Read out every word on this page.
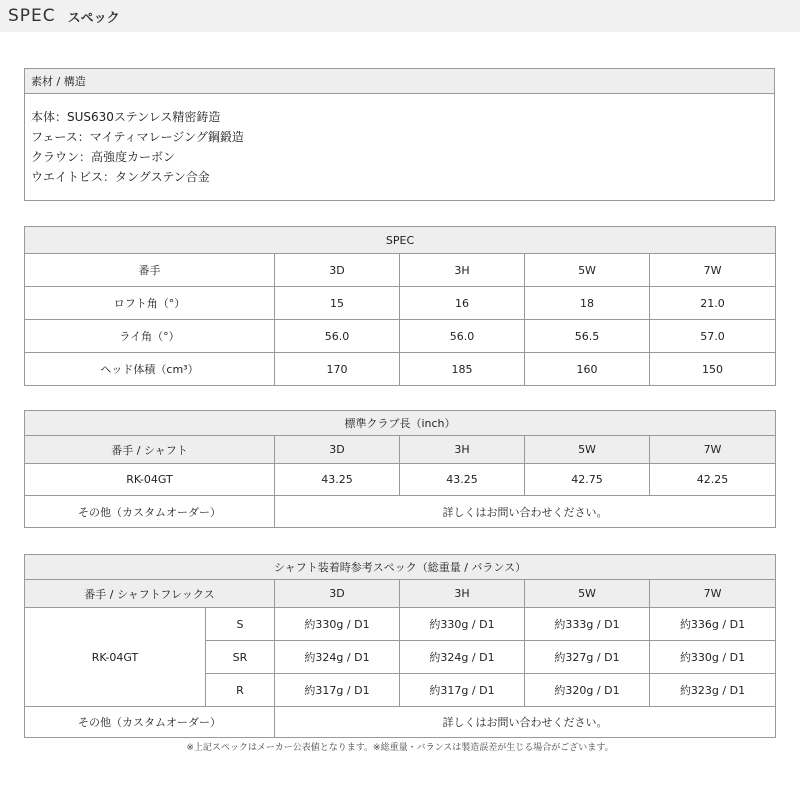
SPEC スペック
素材 / 構造

本体：SUS630ステンレス精密鋳造
フェース：マイティマレージング鋼鍛造
クラウン：高強度カーボン
ウエイトビス：タングステン合金
SPEC				
番手	3D	3H	5W	7W
ロフト角（°）	15	16	18	21.0
ライ角（°）	56.0	56.0	56.5	57.0
ヘッド体積（cm³）	170	185	160	150
標準クラブ長（inch）				
番手 / シャフト	3D	3H	5W	7W
RK-04GT	43.25	43.25	42.75	42.25
その他（カスタムオーダー）	詳しくはお問い合わせください。			
シャフト装着時参考スペック（総重量 / バランス）					
番手 / シャフトフレックス		3D	3H	5W	7W
RK-04GT	S	約330g / D1	約330g / D1	約333g / D1	約336g / D1
	SR	約324g / D1	約324g / D1	約327g / D1	約330g / D1
	R	約317g / D1	約317g / D1	約320g / D1	約323g / D1
その他（カスタムオーダー）		詳しくはお問い合わせください。			
※上記スペックはメーカー公表値となります。※総重量・バランスは製造誤差が生じる場合がございます。
